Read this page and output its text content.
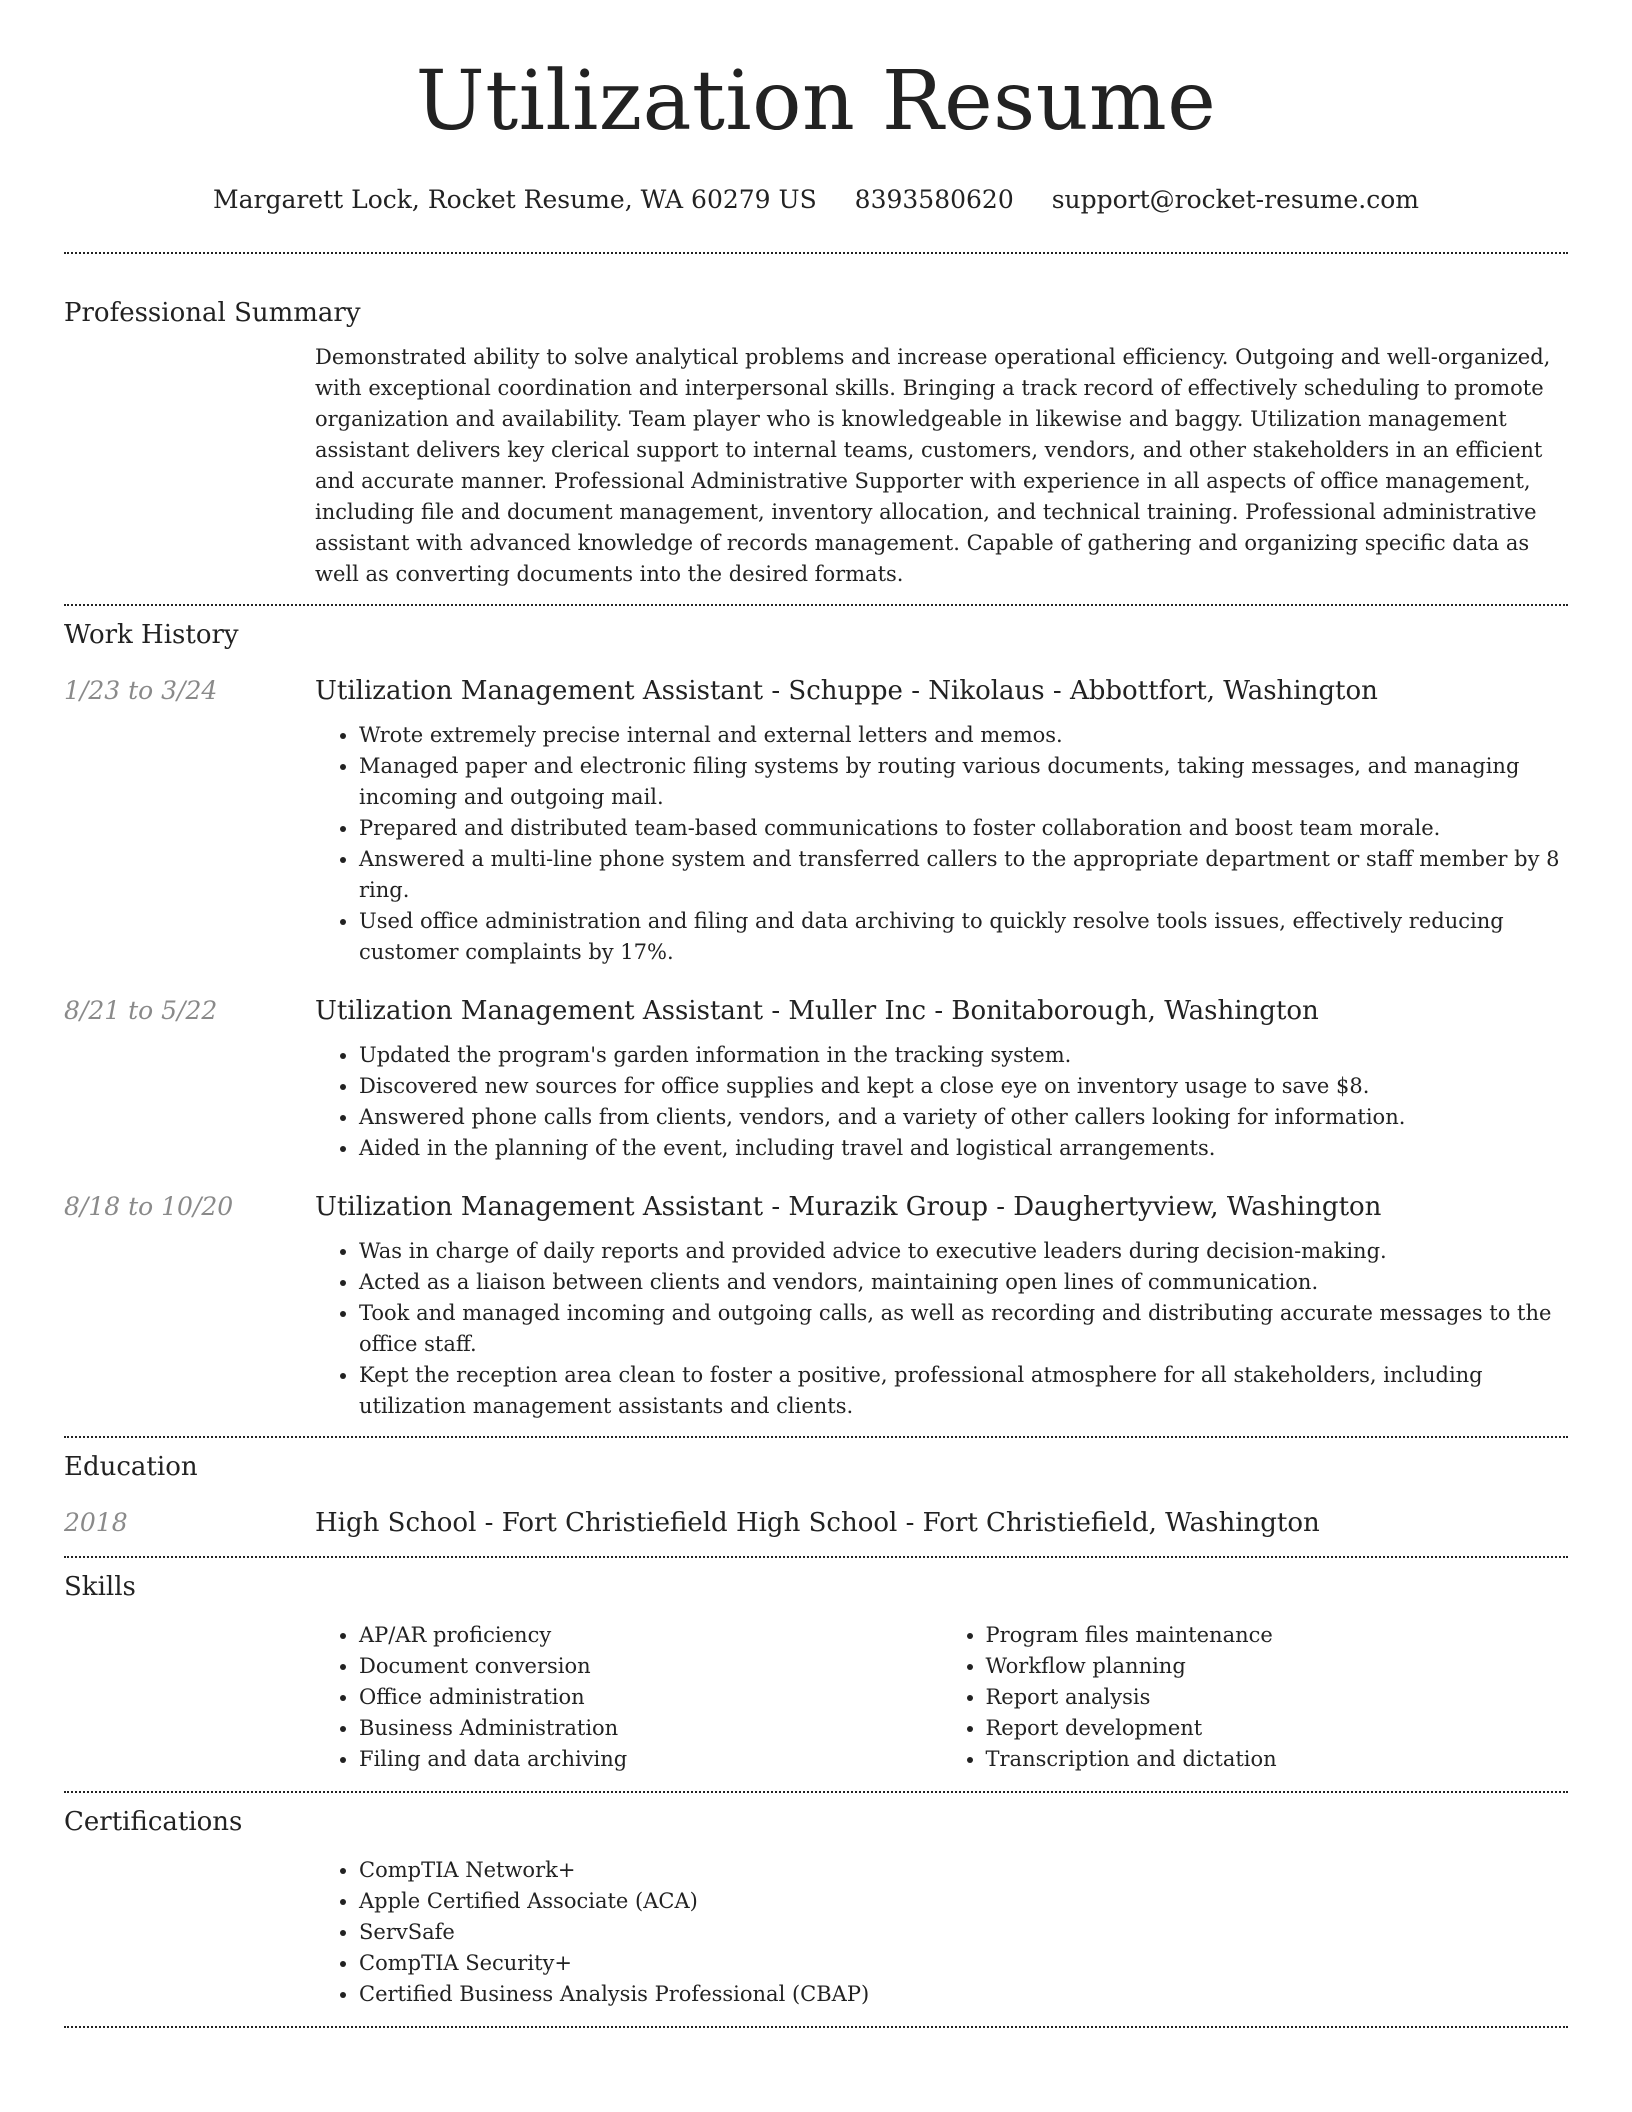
Utilization Resume
Margarett Lock, Rocket Resume, WA 60279 US 8393580620 support@rocket-resume.com
Professional Summary
Demonstrated ability to solve analytical problems and increase operational efficiency. Outgoing and well-organized, with exceptional coordination and interpersonal skills. Bringing a track record of effectively scheduling to promote organization and availability. Team player who is knowledgeable in likewise and baggy. Utilization management assistant delivers key clerical support to internal teams, customers, vendors, and other stakeholders in an efficient and accurate manner. Professional Administrative Supporter with experience in all aspects of office management, including file and document management, inventory allocation, and technical training. Professional administrative assistant with advanced knowledge of records management. Capable of gathering and organizing specific data as well as converting documents into the desired formats.
Work History
1/23 to 3/24	Utilization Management Assistant - Schuppe - Nikolaus - Abbottfort, Washington
• Wrote extremely precise internal and external letters and memos.
• Managed paper and electronic filing systems by routing various documents, taking messages, and managing incoming and outgoing mail.
• Prepared and distributed team-based communications to foster collaboration and boost team morale.
• Answered a multi-line phone system and transferred callers to the appropriate department or staff member by 8 ring.
• Used office administration and filing and data archiving to quickly resolve tools issues, effectively reducing customer complaints by 17%.
8/21 to 5/22	Utilization Management Assistant - Muller Inc - Bonitaborough, Washington
• Updated the program's garden information in the tracking system.
• Discovered new sources for office supplies and kept a close eye on inventory usage to save $8.
• Answered phone calls from clients, vendors, and a variety of other callers looking for information.
• Aided in the planning of the event, including travel and logistical arrangements.
8/18 to 10/20	Utilization Management Assistant - Murazik Group - Daughertyview, Washington
• Was in charge of daily reports and provided advice to executive leaders during decision-making.
• Acted as a liaison between clients and vendors, maintaining open lines of communication.
• Took and managed incoming and outgoing calls, as well as recording and distributing accurate messages to the office staff.
• Kept the reception area clean to foster a positive, professional atmosphere for all stakeholders, including utilization management assistants and clients.
Education
2018	High School - Fort Christiefield High School - Fort Christiefield, Washington
Skills
• AP/AR proficiency
• Document conversion
• Office administration
• Business Administration
• Filing and data archiving
• Program files maintenance
• Workflow planning
• Report analysis
• Report development
• Transcription and dictation
Certifications
• CompTIA Network+
• Apple Certified Associate (ACA)
• ServSafe
• CompTIA Security+
• Certified Business Analysis Professional (CBAP)
